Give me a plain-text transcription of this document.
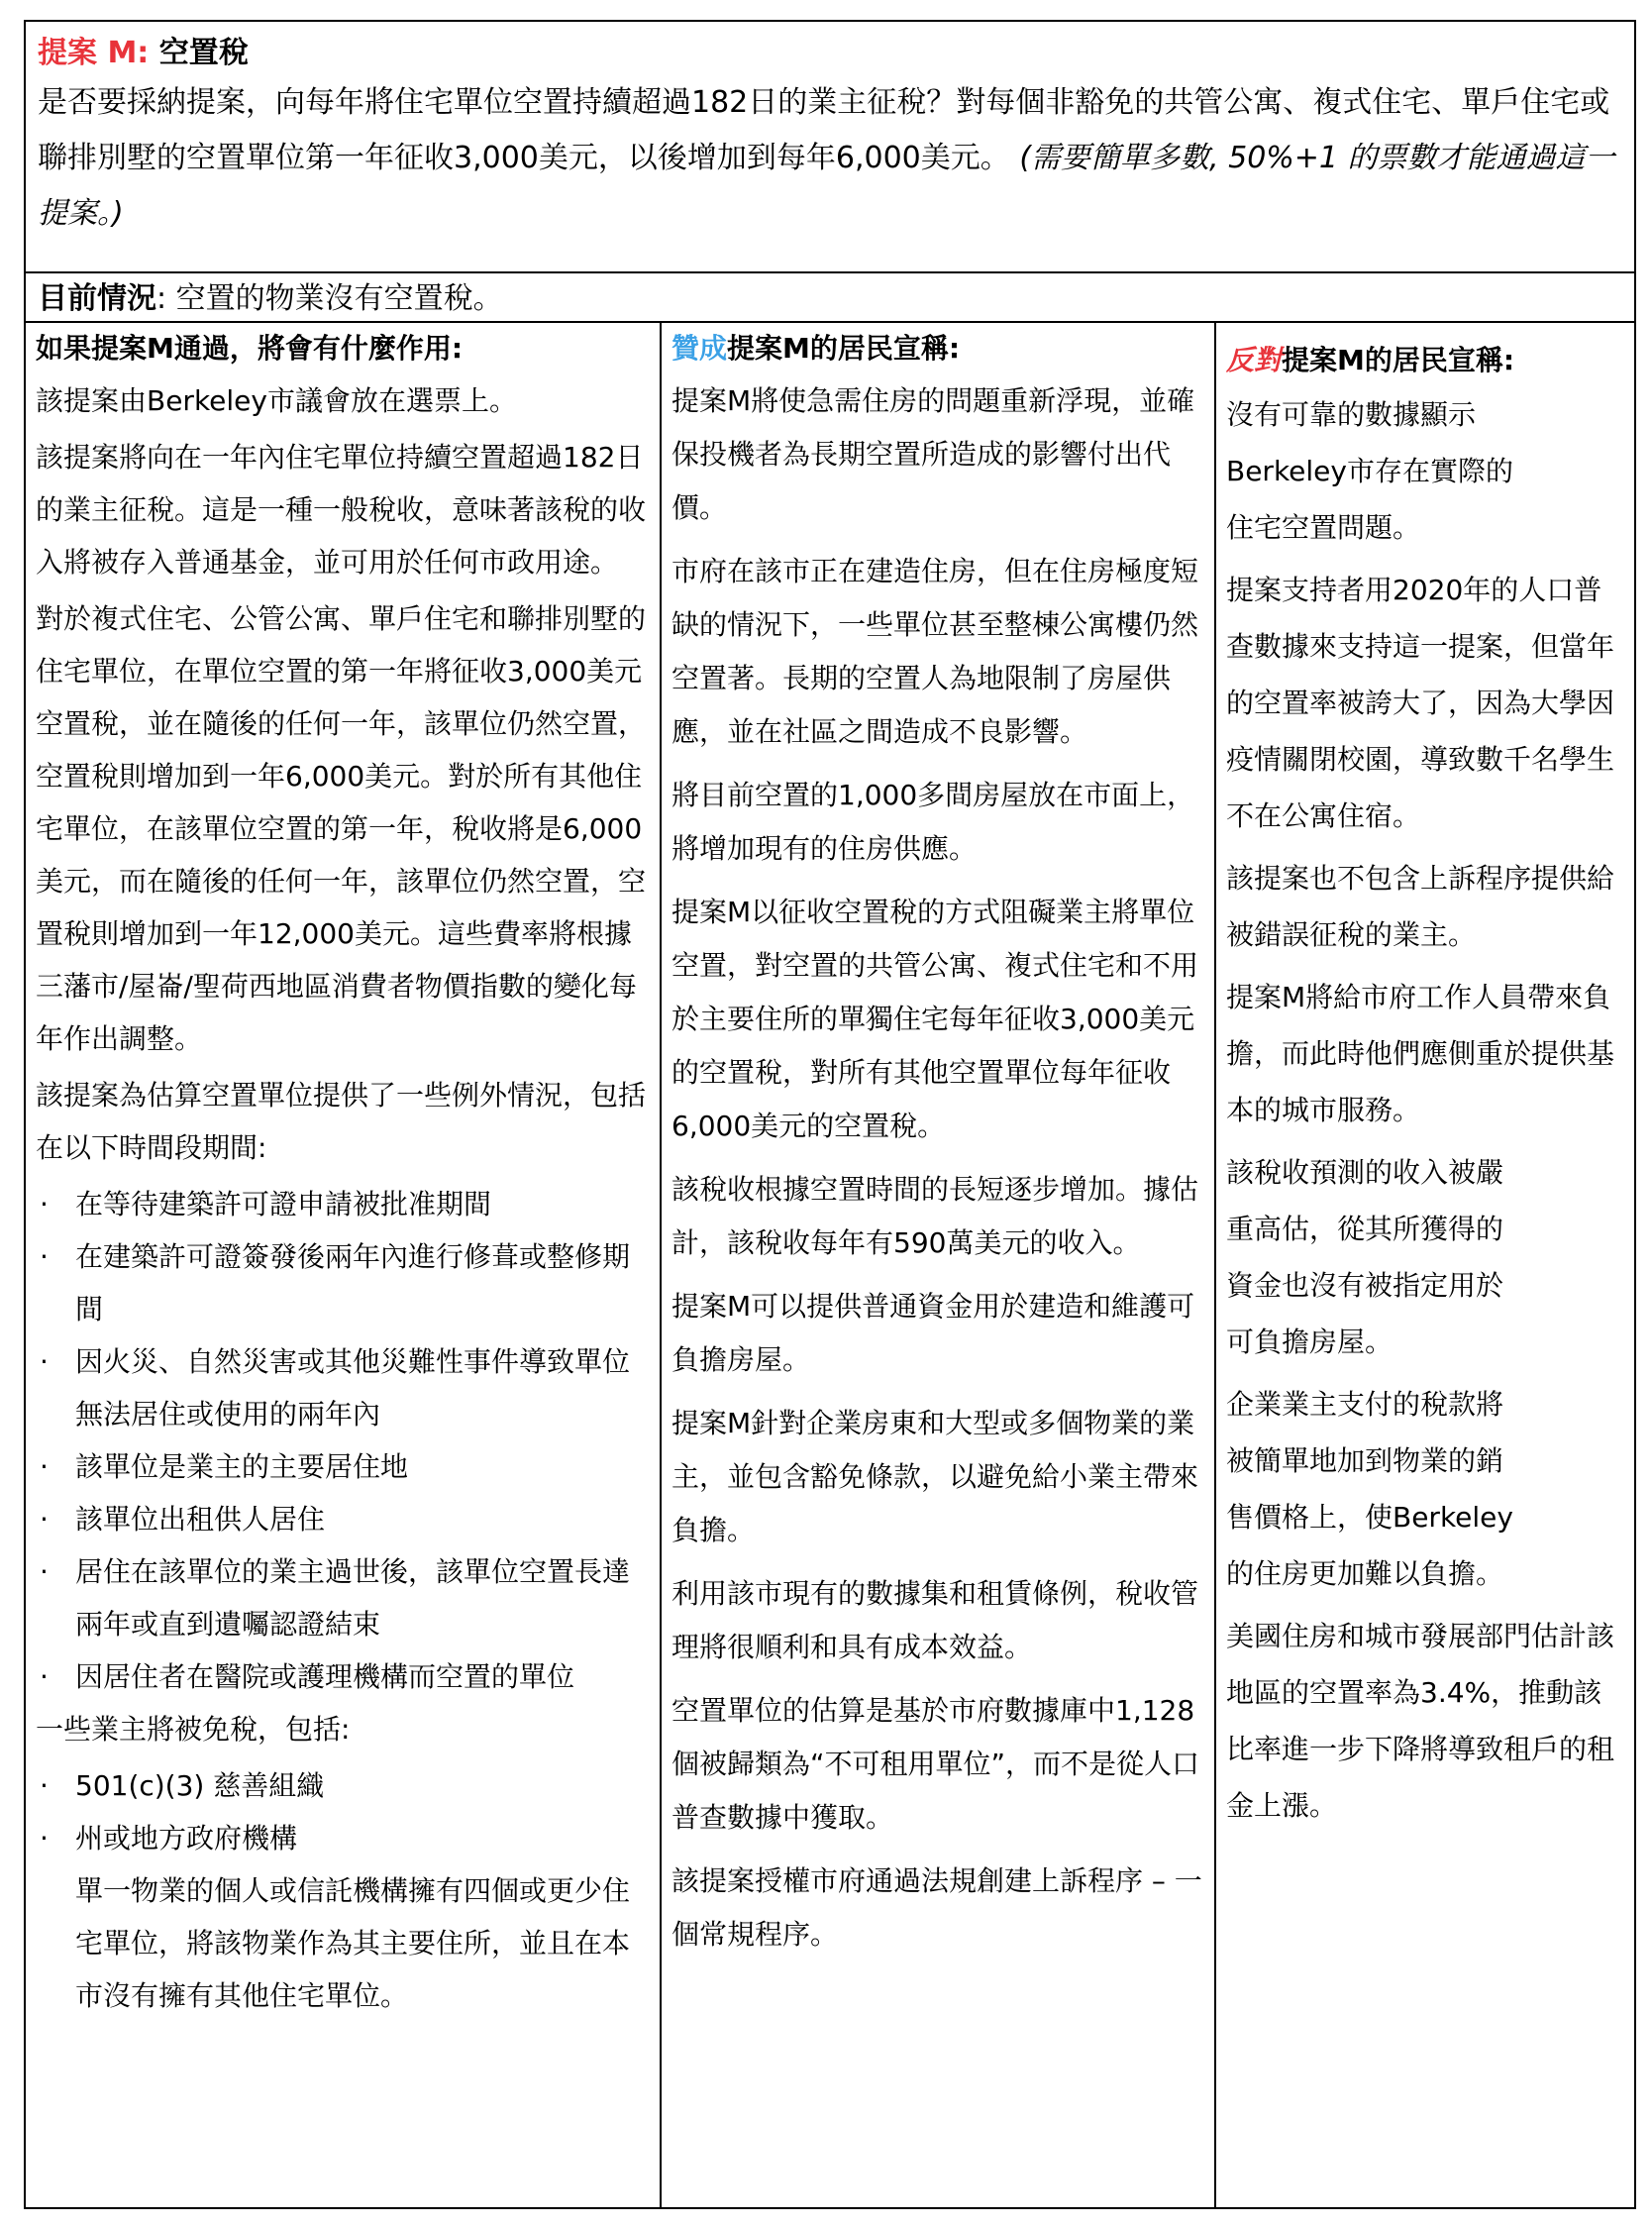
提案 M: 空置稅

是否要採納提案，向每年將住宅單位空置持續超過182日的業主征稅？對每個非豁免的共管公寓、複式住宅、單戶住宅或聯排別墅的空置單位第一年征收3,000美元，以後增加到每年6,000美元。 (需要簡單多數, 50%+1 的票數才能通過這一提案。)

目前情況: 空置的物業沒有空置稅。
如果提案M通過，將會有什麼作用:

該提案由Berkeley市議會放在選票上。

該提案將向在一年內住宅單位持續空置超過182日的業主征稅。這是一種一般稅收，意味著該稅的收入將被存入普通基金，並可用於任何市政用途。

對於複式住宅、公管公寓、單戶住宅和聯排別墅的住宅單位，在單位空置的第一年將征收3,000美元空置稅，並在隨後的任何一年，該單位仍然空置，空置稅則增加到一年6,000美元。對於所有其他住宅單位，在該單位空置的第一年，稅收將是6,000 美元，而在隨後的任何一年，該單位仍然空置，空置稅則增加到一年12,000美元。這些費率將根據三藩市/屋崙/聖荷西地區消費者物價指數的變化每年作出調整。

該提案為估算空置單位提供了一些例外情況，包括在以下時間段期間:

· 在等待建築許可證申請被批准期間
· 在建築許可證簽發後兩年內進行修葺或整修期間
· 因火災、自然災害或其他災難性事件導致單位無法居住或使用的兩年內
· 該單位是業主的主要居住地
· 該單位出租供人居住
· 居住在該單位的業主過世後，該單位空置長達兩年或直到遺囑認證結束
· 因居住者在醫院或護理機構而空置的單位

一些業主將被免稅，包括:

· 501(c)(3) 慈善組織
· 州或地方政府機構
單一物業的個人或信託機構擁有四個或更少住宅單位，將該物業作為其主要住所，並且在本市沒有擁有其他住宅單位。
贊成提案M的居民宣稱:

提案M將使急需住房的問題重新浮現，並確保投機者為長期空置所造成的影響付出代價。

市府在該市正在建造住房，但在住房極度短缺的情況下，一些單位甚至整棟公寓樓仍然空置著。長期的空置人為地限制了房屋供應，並在社區之間造成不良影響。

將目前空置的1,000多間房屋放在市面上，將增加現有的住房供應。

提案M以征收空置稅的方式阻礙業主將單位空置，對空置的共管公寓、複式住宅和不用於主要住所的單獨住宅每年征收3,000美元的空置稅，對所有其他空置單位每年征收6,000美元的空置稅。

該稅收根據空置時間的長短逐步增加。據估計，該稅收每年有590萬美元的收入。

提案M可以提供普通資金用於建造和維護可負擔房屋。

提案M針對企業房東和大型或多個物業的業主，並包含豁免條款，以避免給小業主帶來負擔。

利用該市現有的數據集和租賃條例，稅收管理將很順利和具有成本效益。

空置單位的估算是基於市府數據庫中1,128個被歸類為“不可租用單位”，而不是從人口普查數據中獲取。

該提案授權市府通過法規創建上訴程序 – 一個常規程序。

反對提案M的居民宣稱:

沒有可靠的數據顯示Berkeley市存在實際的住宅空置問題。

提案支持者用2020年的人口普查數據來支持這一提案，但當年的空置率被誇大了，因為大學因疫情關閉校園，導致數千名學生不在公寓住宿。

該提案也不包含上訴程序提供給被錯誤征稅的業主。

提案M將給市府工作人員帶來負擔，而此時他們應側重於提供基本的城市服務。

該稅收預測的收入被嚴重高估，從其所獲得的資金也沒有被指定用於可負擔房屋。

企業業主支付的稅款將被簡單地加到物業的銷售價格上，使Berkeley的住房更加難以負擔。

美國住房和城市發展部門估計該地區的空置率為3.4%，推動該比率進一步下降將導致租戶的租金上漲。
